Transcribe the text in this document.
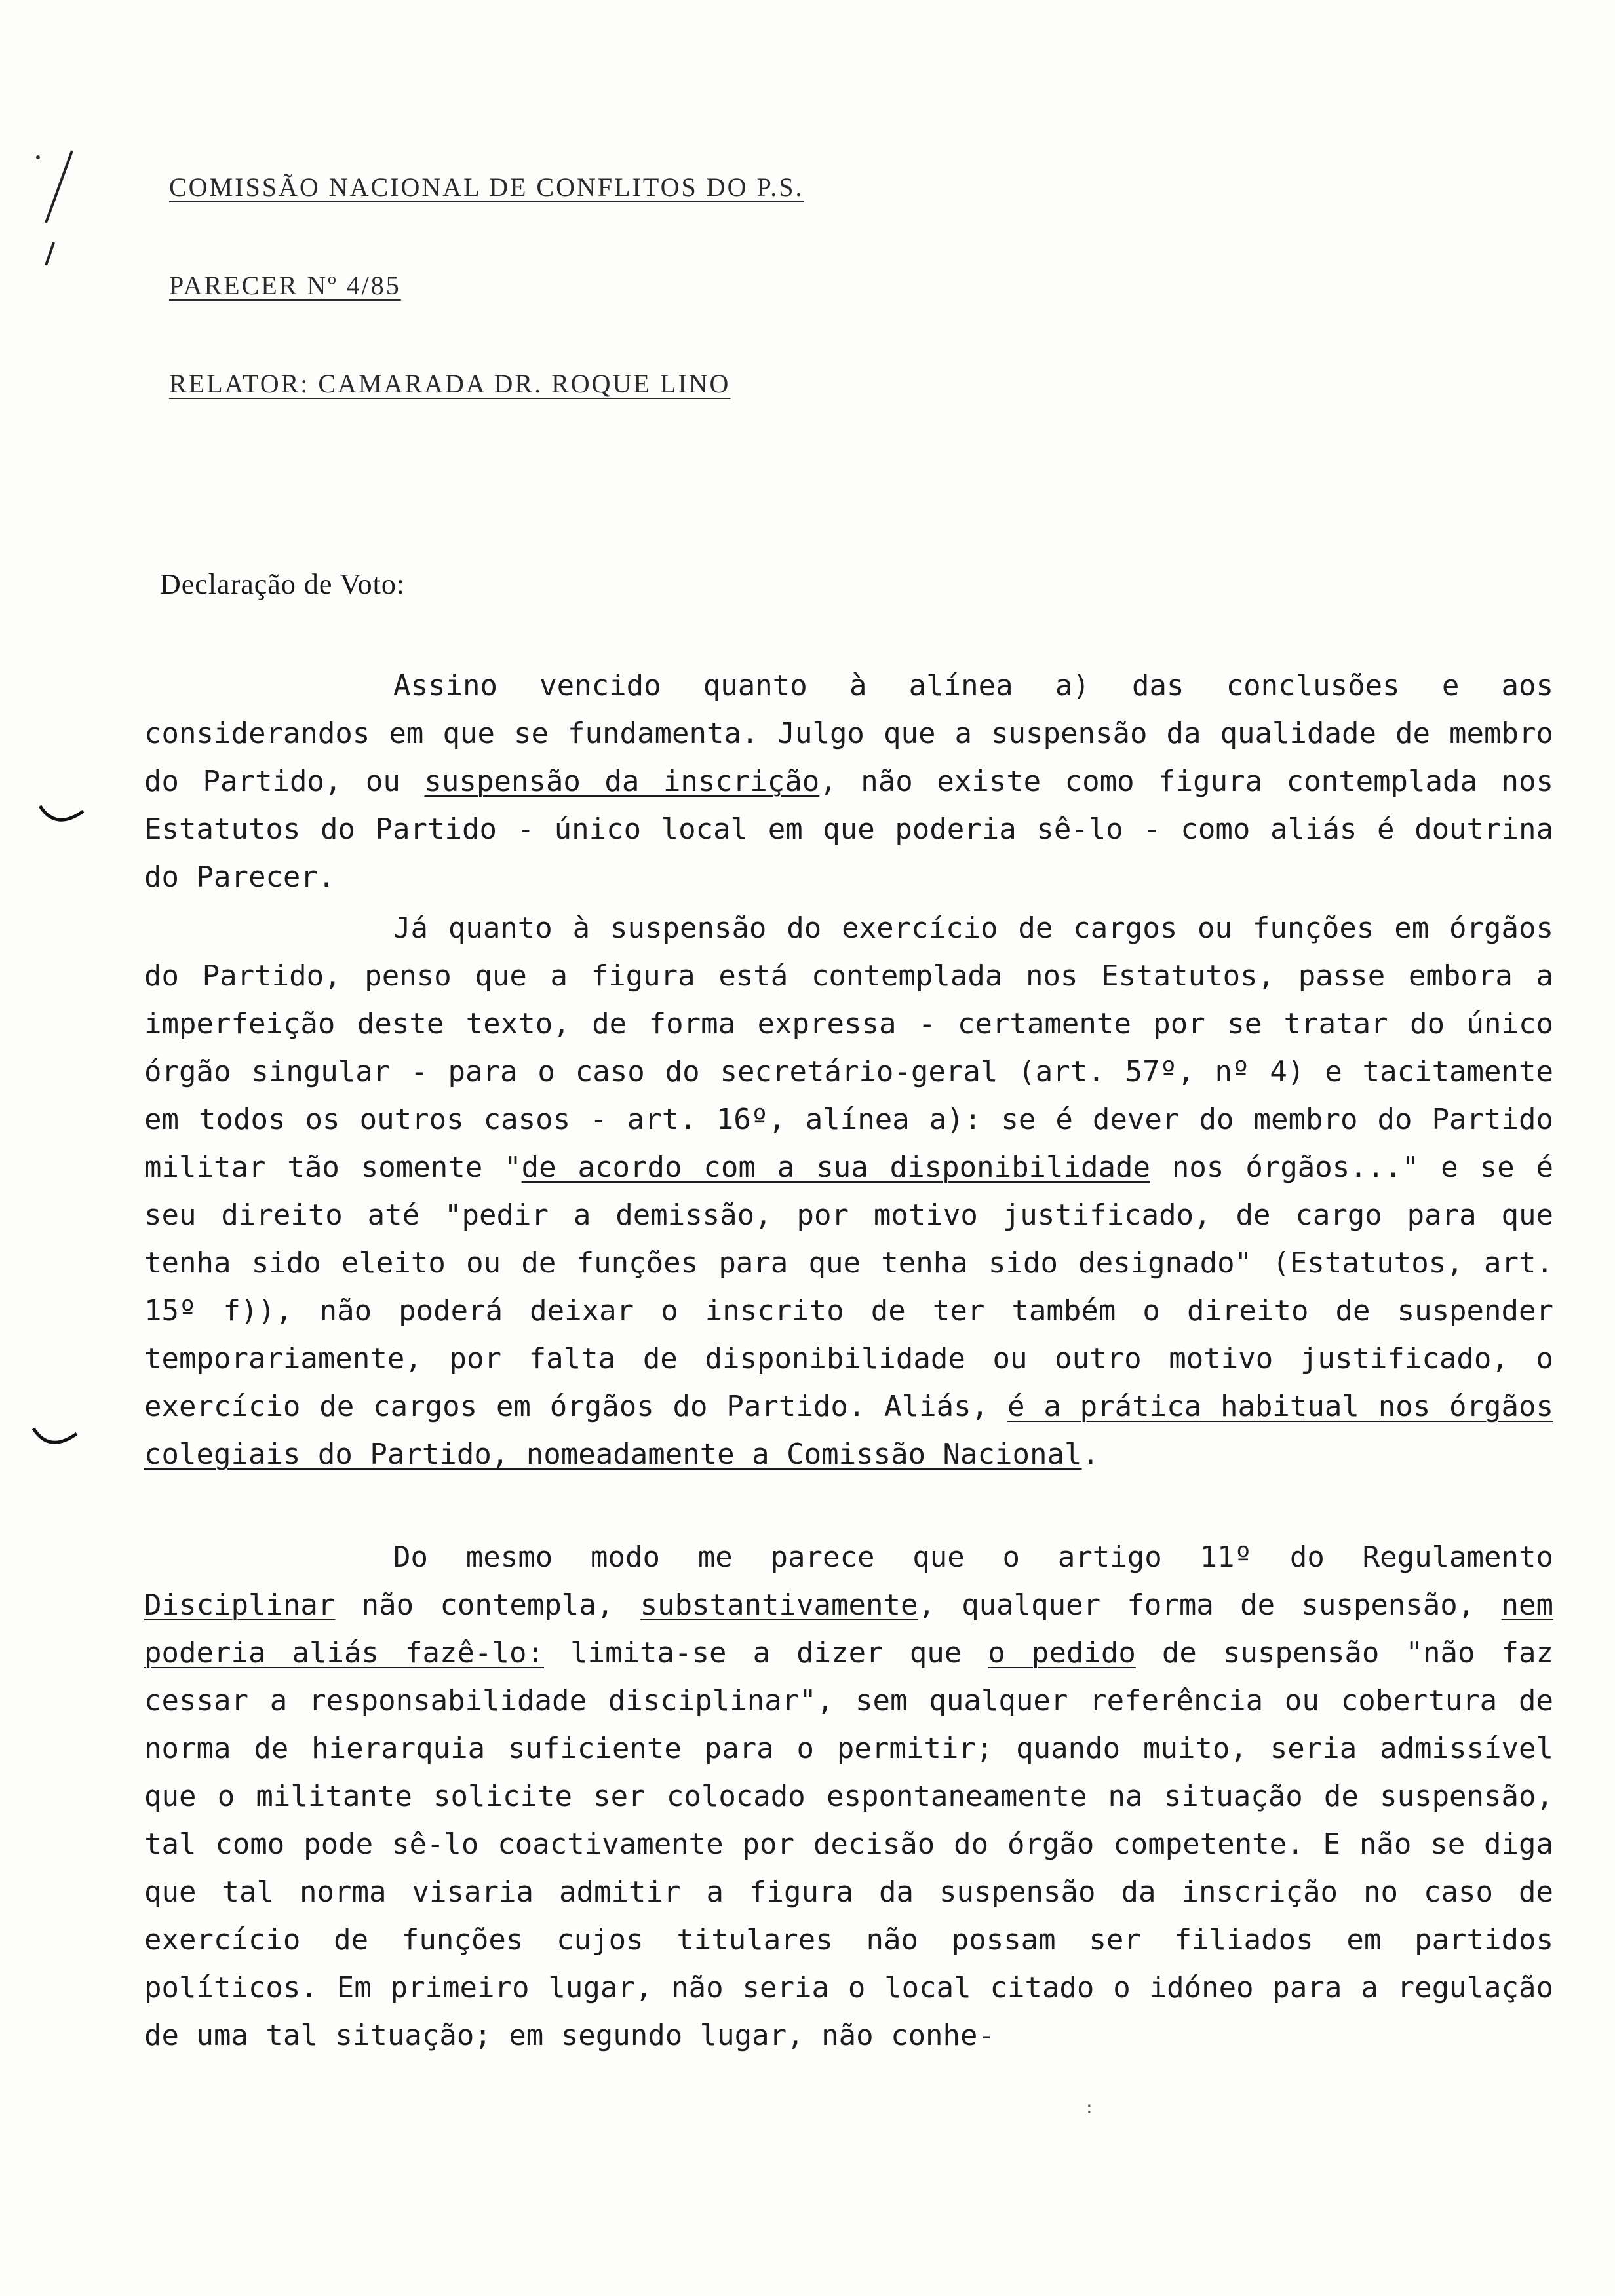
COMISSÃO NACIONAL DE CONFLITOS DO P.S.
PARECER Nº 4/85
RELATOR: CAMARADA DR. ROQUE LINO
Declaração de Voto:

Assino vencido quanto à alínea a) das conclusões e aos considerandos em que se fundamenta. Julgo que a suspensão da qualidade de membro do Partido, ou suspensão da inscrição, não existe como figura contemplada nos Estatutos do Partido - único local em que poderia sê-lo - como aliás é doutrina do Parecer.

Já quanto à suspensão do exercício de cargos ou funções em órgãos do Partido, penso que a figura está contemplada nos Estatutos, passe embora a imperfeição deste texto, de forma expressa - certamente por se tratar do único órgão singular - para o caso do secretário-geral (art. 57º, nº 4) e tacitamente em todos os outros casos - art. 16º, alínea a): se é dever do membro do Partido militar tão somente "de acordo com a sua disponibilidade nos órgãos..." e se é seu direito até "pedir a demissão, por motivo justificado, de cargo para que tenha sido eleito ou de funções para que tenha sido designado" (Estatutos, art. 15º f)), não poderá deixar o inscrito de ter também o direito de suspender temporariamente, por falta de disponibilidade ou outro motivo justificado, o exercício de cargos em órgãos do Partido. Aliás, é a prática habitual nos órgãos colegiais do Partido, nomeadamente a Comissão Nacional.

Do mesmo modo me parece que o artigo 11º do Regulamento Disciplinar não contempla, substantivamente, qualquer forma de suspensão, nem poderia aliás fazê-lo: limita-se a dizer que o pedido de suspensão "não faz cessar a responsabilidade disciplinar", sem qualquer referência ou cobertura de norma de hierarquia suficiente para o permitir; quando muito, seria admissível que o militante solicite ser colocado espontaneamente na situação de suspensão, tal como pode sê-lo coactivamente por decisão do órgão competente. E não se diga que tal norma visaria admitir a figura da suspensão da inscrição no caso de exercício de funções cujos titulares não possam ser filiados em partidos políticos. Em primeiro lugar, não seria o local citado o idóneo para a regulação de uma tal situação; em segundo lugar, não conhe-

:
